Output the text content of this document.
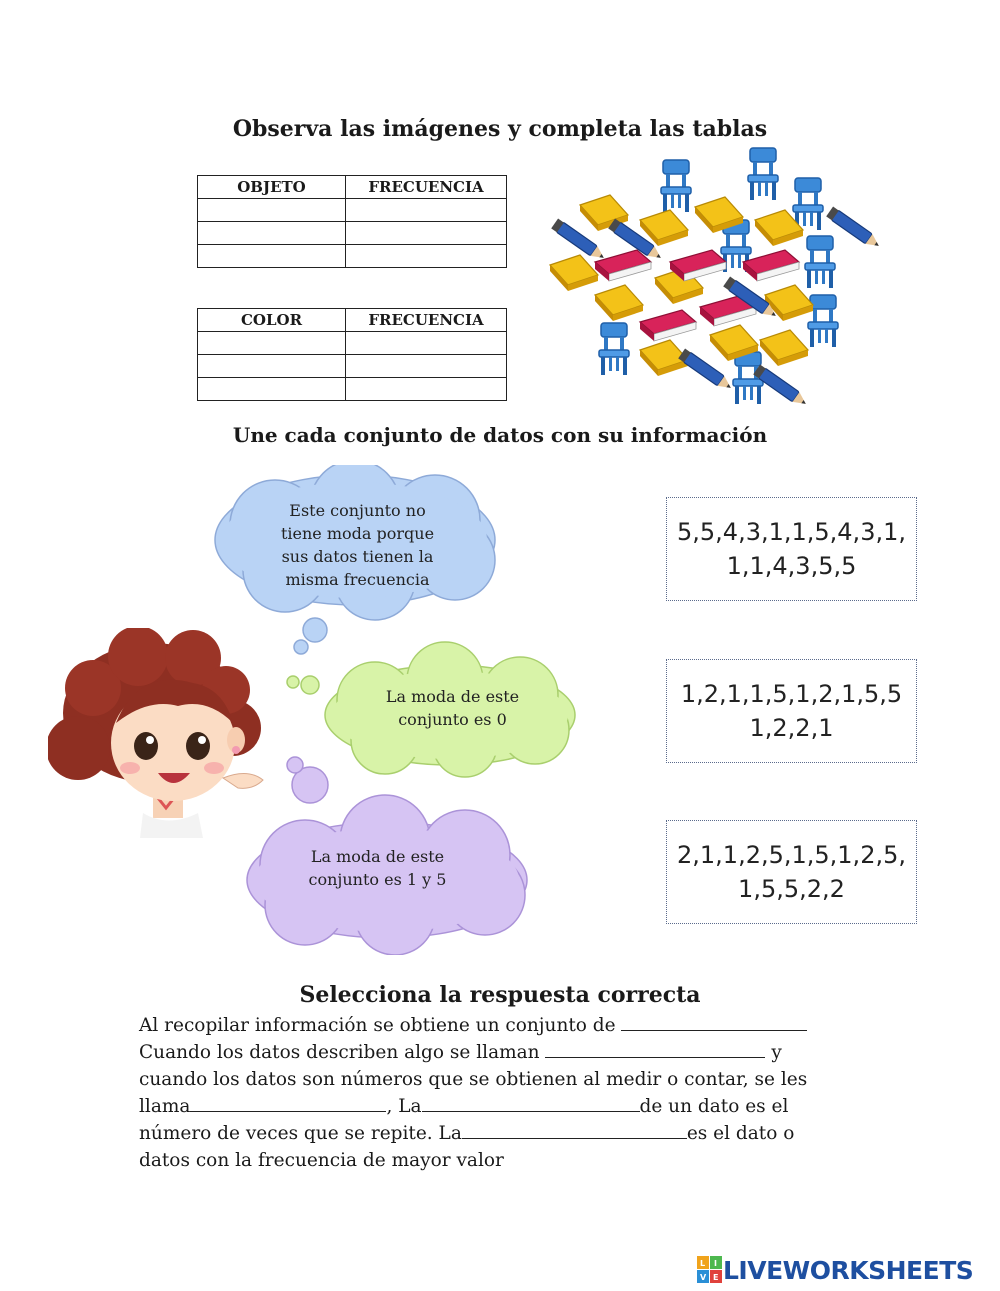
Observa las imágenes y completa las tablas
OBJETO	FRECUENCIA

COLOR	FRECUENCIA

Une cada conjunto de datos con su información
Este conjunto no
tiene moda porque
sus datos tienen la
misma frecuencia
La moda de este
conjunto es 0
La moda de este
conjunto es 1 y 5
5,5,4,3,1,1,5,4,3,1,
1,1,4,3,5,5
1,2,1,1,5,1,2,1,5,5
1,2,2,1
2,1,1,2,5,1,5,1,2,5,
1,5,5,2,2
Selecciona la respuesta correcta
Al recopilar información se obtiene un conjunto de
Cuando los datos describen algo se llaman	y
cuando los datos son números que se obtienen al medir o contar, se les
llama	, La	de un dato es el
número de veces que se repite. La	es el dato o
datos con la frecuencia de mayor valor
L I
V E LIVEWORKSHEETS
